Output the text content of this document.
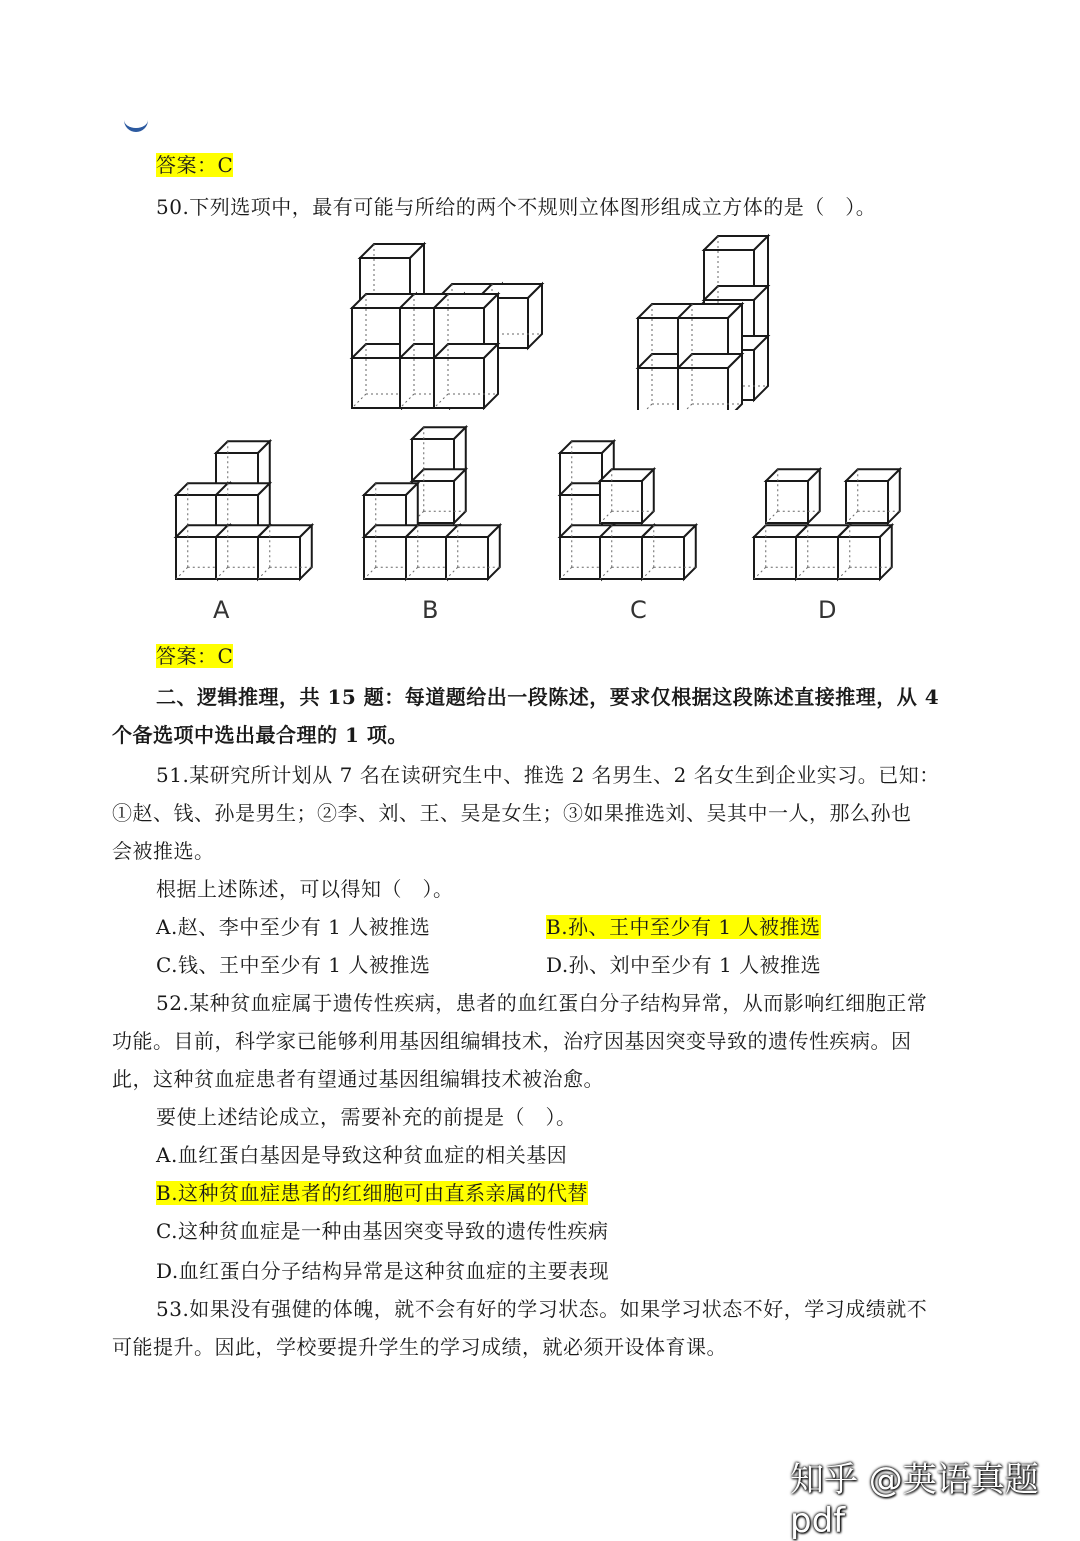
答案：C
50.下列选项中，最有可能与所给的两个不规则立体图形组成立方体的是（　）。
A	B	C	D
答案：C
二、逻辑推理，共 15 题：每道题给出一段陈述，要求仅根据这段陈述直接推理，从 4
个备选项中选出最合理的 1 项。
51.某研究所计划从 7 名在读研究生中、推选 2 名男生、2 名女生到企业实习。已知：
①赵、钱、孙是男生；②李、刘、王、吴是女生；③如果推选刘、吴其中一人，那么孙也
会被推选。
根据上述陈述，可以得知（　）。
A.赵、李中至少有 1 人被推选	B.孙、王中至少有 1 人被推选
C.钱、王中至少有 1 人被推选	D.孙、刘中至少有 1 人被推选
52.某种贫血症属于遗传性疾病，患者的血红蛋白分子结构异常，从而影响红细胞正常
功能。目前，科学家已能够利用基因组编辑技术，治疗因基因突变导致的遗传性疾病。因
此，这种贫血症患者有望通过基因组编辑技术被治愈。
要使上述结论成立，需要补充的前提是（　）。
A.血红蛋白基因是导致这种贫血症的相关基因
B.这种贫血症患者的红细胞可由直系亲属的代替
C.这种贫血症是一种由基因突变导致的遗传性疾病
D.血红蛋白分子结构异常是这种贫血症的主要表现
53.如果没有强健的体魄，就不会有好的学习状态。如果学习状态不好，学习成绩就不
可能提升。因此，学校要提升学生的学习成绩，就必须开设体育课。
知乎 @英语真题pdf
